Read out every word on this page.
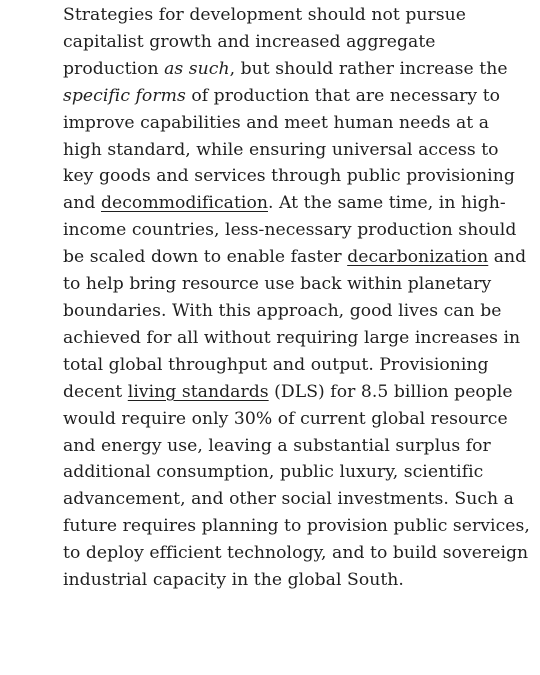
Strategies for development should not pursue capitalist growth and increased aggregate production as such, but should rather increase the specific forms of production that are necessary to improve capabilities and meet human needs at a high standard, while ensuring universal access to key goods and services through public provisioning and decommodification. At the same time, in high-income countries, less-necessary production should be scaled down to enable faster decarbonization and to help bring resource use back within planetary boundaries. With this approach, good lives can be achieved for all without requiring large increases in total global throughput and output. Provisioning decent living standards (DLS) for 8.5 billion people would require only 30% of current global resource and energy use, leaving a substantial surplus for additional consumption, public luxury, scientific advancement, and other social investments. Such a future requires planning to provision public services, to deploy efficient technology, and to build sovereign industrial capacity in the global South.
